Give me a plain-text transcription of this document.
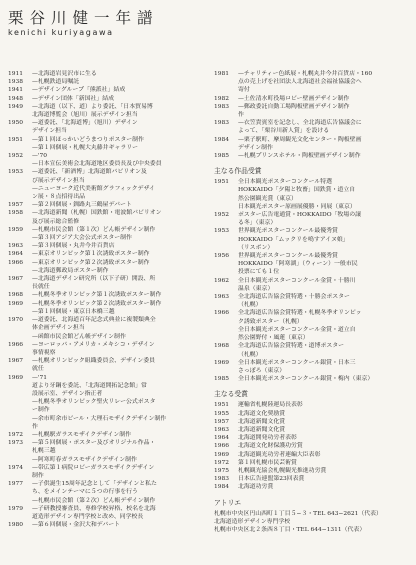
栗谷川健一年譜
kenichi kuriyagawa
1911	—北海道岩見沢市に生る
1938	—札幌鉄道局嘱託
1941	—デザイングループ「熊派社」結成
1948	—デザイン団体「新国社」結成
1949	—北海道（以下、道）より委託、「日本貿易博
北海道博覧会（旭川）展示デザイン担当
1950	—道委託、「北海道博」（旭川）デザイン
デザイン担当
1951	—第１回ほっかいどうまつりポスター制作
—第１回個展・札幌大丸藤井ギャラリー
1952	—'70
—日本宣伝美術会北海道地区委員長及び中央委員
1953	—道委託、「新酒博」北海道館パビリオン及
び展示デザイン担当
—ニューヨーク近代美術館グラフィックデザイ
ン展・８点招待出品
1957	—第２回個展・釧路丸三鶴屋デパート
1958	—北海道新聞（札幌）国鉄館・電波館パビリオン
及び展示総合監修
1959	—札幌市民会館（第１次）どん帳デザイン制作
—第３回アジア大会公式ポスター制作
1963	—第３回個展・丸井今井百貨店
1964	—東京オリンピック第１次誘致ポスター制作
1966	—東京オリンピック第２次誘致ポスター制作
—北海道郵政局ポスター制作
1967	—北海道デザイン研究所（以下子研）開設、所
長就任
1968	—札幌冬季オリンピック第１次誘致ポスター制作
1969	—札幌冬季オリンピック第２次誘致ポスター制作
—第１回個展・東京日本橋三越
1970	—道委託、北海道百年記念式典並に複製類典全
体企画デザイン担当
—函館市民会館どん帳デザイン制作
1966	—ヨーロッパ・アメリカ・メキシコ・デザイン
事情視察
1967	—札幌オリンピック組織委員会、デザイン委員
就任
1969	—'71
道より牙鋼を委託、「北海道開拓記念館」常
設展示室、デザイン指正者
—札幌冬季オリンピック聖火リレー公式ポスタ
ー制作
—余市町余市ビール・大理石モザイクデザイン制作
作
1972	—札幌駅ガラスモザイクデザイン制作
1973	—第５回個展・ポスター及びオリジナル作品・
札幌三越
—阿寒町春ガラスモザイクデザイン制作
1974	—帯広第１病院ロビーガラスモザイクデザイン
制作
1977	—子供誕生15周年記念として「デザインと私た
ち、をメインテーマに５つの行事を行う
—札幌市民会館（第２次）どん帳デザイン制作
1979	—子研教授審査員、専修学校昇格、校名を北海
道造形デザイン専門学校と改め、同学校長
1980	—第６回個展・金沢大和デパート
1981	—チャリティー色紙展・札幌丸井今井百貨店・160
点の売上げを社団法人北海道社会福祉協議会へ
寄付
1982	—土佐清水町役場ロビー壁画デザイン制作
1983	—郵政委託自動工場陶板壁画デザイン制作
作
1983	—衣笠貴賓室を記念し、全北海道広告協議会に
よって、「栗谷川新人賞」を設ける
1984	—栗子駅町、摩周観光文化センター・陶板壁画
デザイン制作
1985	—札幌プリンスホテル・陶板壁画デザイン制作
主なる作品受賞
1951	全日本観光ポスターコンクール特選
HOKKAIDO「夕陽と牧畜」国鉄賞・道立自
然公園観光賞（東京）
日本観光ポスター原画展優勝・同展（東京）
1952	ポスター広告電通賞・HOKKAIDO「牧場の譲
る冬」（東京）
1953	世界観光ポスターコンクール最優秀賞
HOKKAIDO「ムックリを鳴すアイヌ娘」
（リスボン）
1956	世界観光ポスターコンクール最優秀賞
HOKKAIDO「阿寒湖」（ウィーン）一般市民
投票にても１位
1962	全日本観光ポスターコンクール金賞・十勝川
温泉（東京）
1963	全北海道広告協会賞特選・十勝会ポスター
（札幌）
1966	全北海道広告協会賞特選・札幌冬季オリンピッ
ク誘致ポスター（札幌）
全日本観光ポスターコンクール金賞・道立自
然公園野付・風蓮（東京）
1968	全北海道広告協会賞特選・道博ポスター
（札幌）
1969	全日本観光ポスターコンクール銀賞・日本三
さっぽろ（東京）
1985	全日本観光ポスターコンクール銀賞・梅内（東京）
主なる受賞
1951	運輸省札幌陸運局長表彰
1955	北海道文化奨励賞
1957	北海道新聞文化賞
1963	北海道新聞文化賞
1964	北海道開発功労者表彰
1966	北海道文化財保護功労賞
1969	北海道観光功労者連編大臣表彰
1972	第１回札幌市民芸術賞
1975	札幌観光協会札幌観光推進功労賞
1983	日本広告連盟第23回表賞
1984	北海道功労賞
アトリエ
札幌市中央区円山西町１丁目５−３・TEL 643−2621（代表）
北海道造形デザイン専門学校
札幌市中央区北２条西８丁目・TEL 644−1311（代表）
